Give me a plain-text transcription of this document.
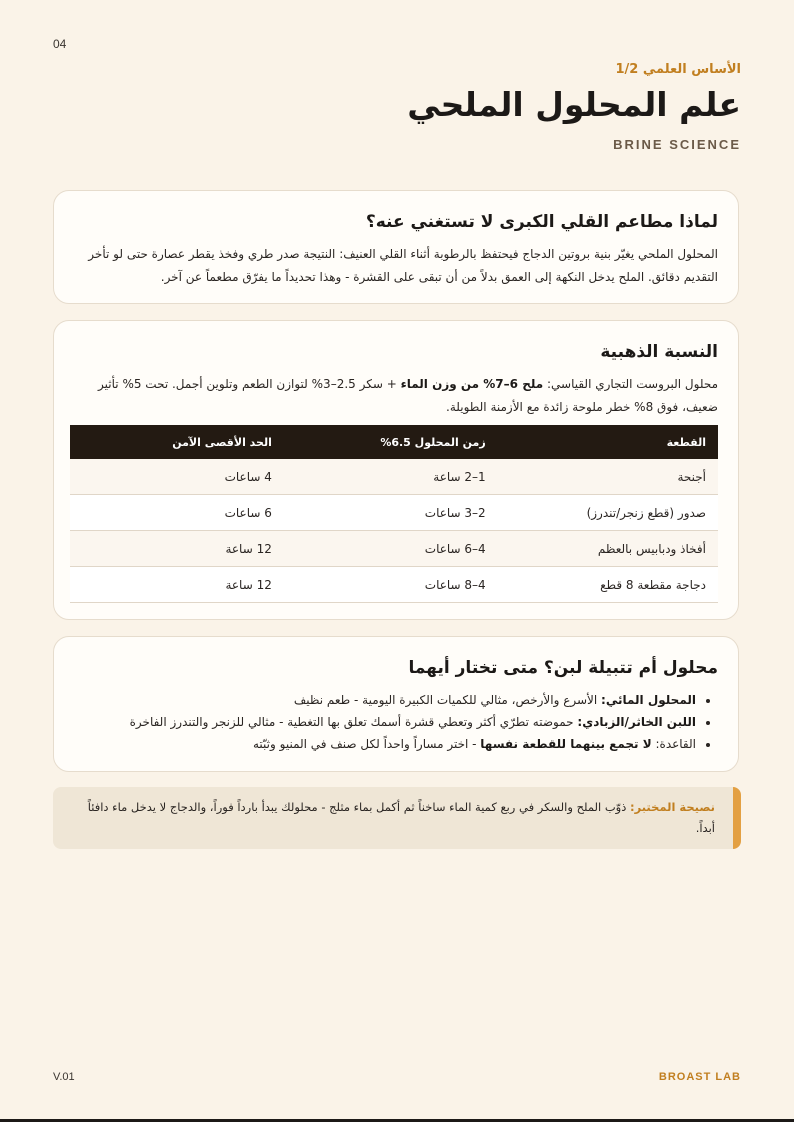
04
الأساس العلمي 1/2
علم المحلول الملحي
BRINE SCIENCE
لماذا مطاعم القلي الكبرى لا تستغني عنه؟

المحلول الملحي يغيّر بنية بروتين الدجاج فيحتفظ بالرطوبة أثناء القلي العنيف: النتيجة صدر طري وفخذ يقطر عصارة حتى لو تأخر التقديم دقائق. الملح يدخل النكهة إلى العمق بدلاً من أن تبقى على القشرة - وهذا تحديداً ما يفرّق مطعماً عن آخر.

النسبة الذهبية

محلول البروست التجاري القياسي: ملح 6–7% من وزن الماء + سكر 2.5–3% لتوازن الطعم وتلوين أجمل. تحت 5% تأثير ضعيف، فوق 8% خطر ملوحة زائدة مع الأزمنة الطويلة.

القطعة	زمن المحلول 6.5%	الحد الأقصى الآمن
أجنحة	1–2 ساعة	4 ساعات
صدور (قطع زنجر/تندرز)	2–3 ساعات	6 ساعات
أفخاذ ودبابيس بالعظم	4–6 ساعات	12 ساعة
دجاجة مقطعة 8 قطع	4–8 ساعات	12 ساعة
محلول أم تتبيلة لبن؟ متى تختار أيهما
• المحلول المائي: الأسرع والأرخص، مثالي للكميات الكبيرة اليومية - طعم نظيف
• اللبن الخاثر/الزبادي: حموضته تطرّي أكثر وتعطي قشرة أسمك تعلق بها التغطية - مثالي للزنجر والتندرز الفاخرة
• القاعدة: لا تجمع بينهما للقطعة نفسها - اختر مساراً واحداً لكل صنف في المنيو وثبّته
نصيحة المختبر: ذوّب الملح والسكر في ربع كمية الماء ساخناً ثم أكمل بماء مثلج - محلولك يبدأ بارداً فوراً، والدجاج لا يدخل ماء دافئاً أبداً.
V.01	BROAST LAB
